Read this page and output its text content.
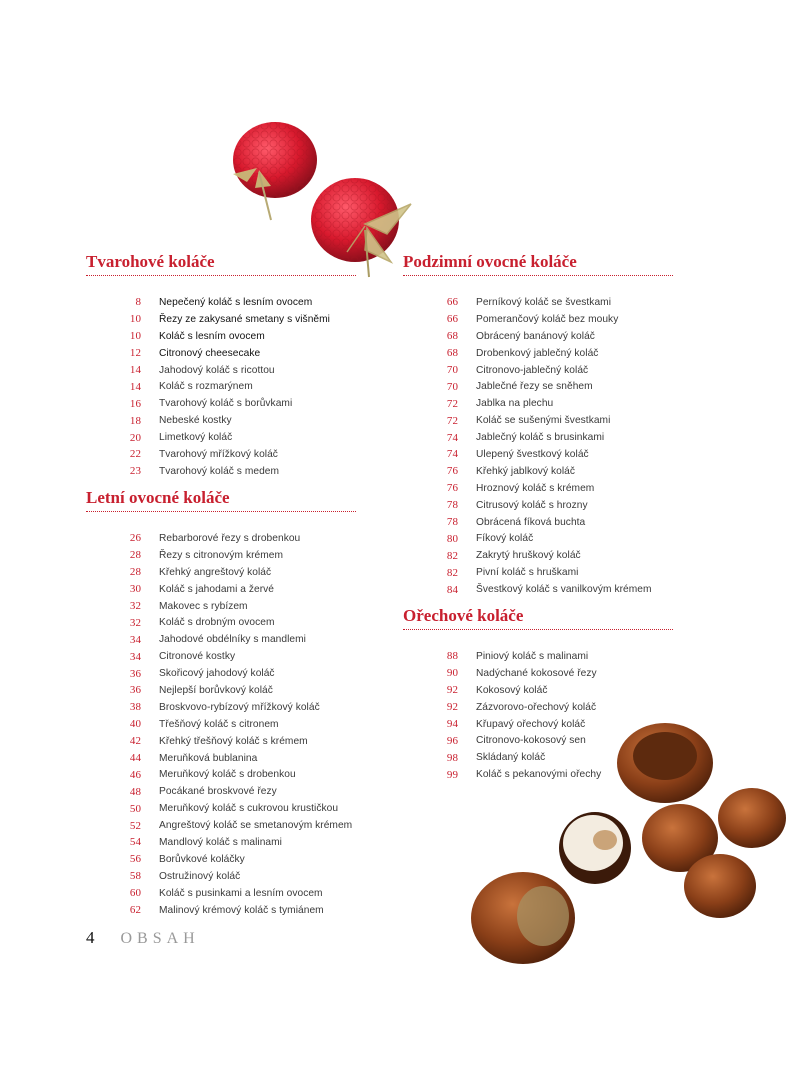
Tvarohové koláče
8	Nepečený koláč s lesním ovocem
10	Řezy ze zakysané smetany s višněmi
10	Koláč s lesním ovocem
12	Citronový cheesecake
14	Jahodový koláč s ricottou
14	Koláč s rozmarýnem
16	Tvarohový koláč s borůvkami
18	Nebeské kostky
20	Limetkový koláč
22	Tvarohový mřížkový koláč
23	Tvarohový koláč s medem
Letní ovocné koláče
26	Rebarborové řezy s drobenkou
28	Řezy s citronovým krémem
28	Křehký angreštový koláč
30	Koláč s jahodami a žervé
32	Makovec s rybízem
32	Koláč s drobným ovocem
34	Jahodové obdélníky s mandlemi
34	Citronové kostky
36	Skořicový jahodový koláč
36	Nejlepší borůvkový koláč
38	Broskvovo-rybízový mřížkový koláč
40	Třešňový koláč s citronem
42	Křehký třešňový koláč s krémem
44	Meruňková bublanina
46	Meruňkový koláč s drobenkou
48	Pocákané broskvové řezy
50	Meruňkový koláč s cukrovou krustičkou
52	Angreštový koláč se smetanovým krémem
54	Mandlový koláč s malinami
56	Borůvkové koláčky
58	Ostružinový koláč
60	Koláč s pusinkami a lesním ovocem
62	Malinový krémový koláč s tymiánem
Podzimní ovocné koláče
66	Perníkový koláč se švestkami
66	Pomerančový koláč bez mouky
68	Obrácený banánový koláč
68	Drobenkový jablečný koláč
70	Citronovo-jablečný koláč
70	Jablečné řezy se sněhem
72	Jablka na plechu
72	Koláč se sušenými švestkami
74	Jablečný koláč s brusinkami
74	Ulepený švestkový koláč
76	Křehký jablkový koláč
76	Hroznový koláč s krémem
78	Citrusový koláč s hrozny
78	Obrácená fíková buchta
80	Fíkový koláč
82	Zakrytý hruškový koláč
82	Pivní koláč s hruškami
84	Švestkový koláč s vanilkovým krémem
Ořechové koláče
88	Piniový koláč s malinami
90	Nadýchané kokosové řezy
92	Kokosový koláč
92	Zázvorovo-ořechový koláč
94	Křupavý ořechový koláč
96	Citronovo-kokosový sen
98	Skládaný koláč
99	Koláč s pekanovými ořechy
4 OBSAH
